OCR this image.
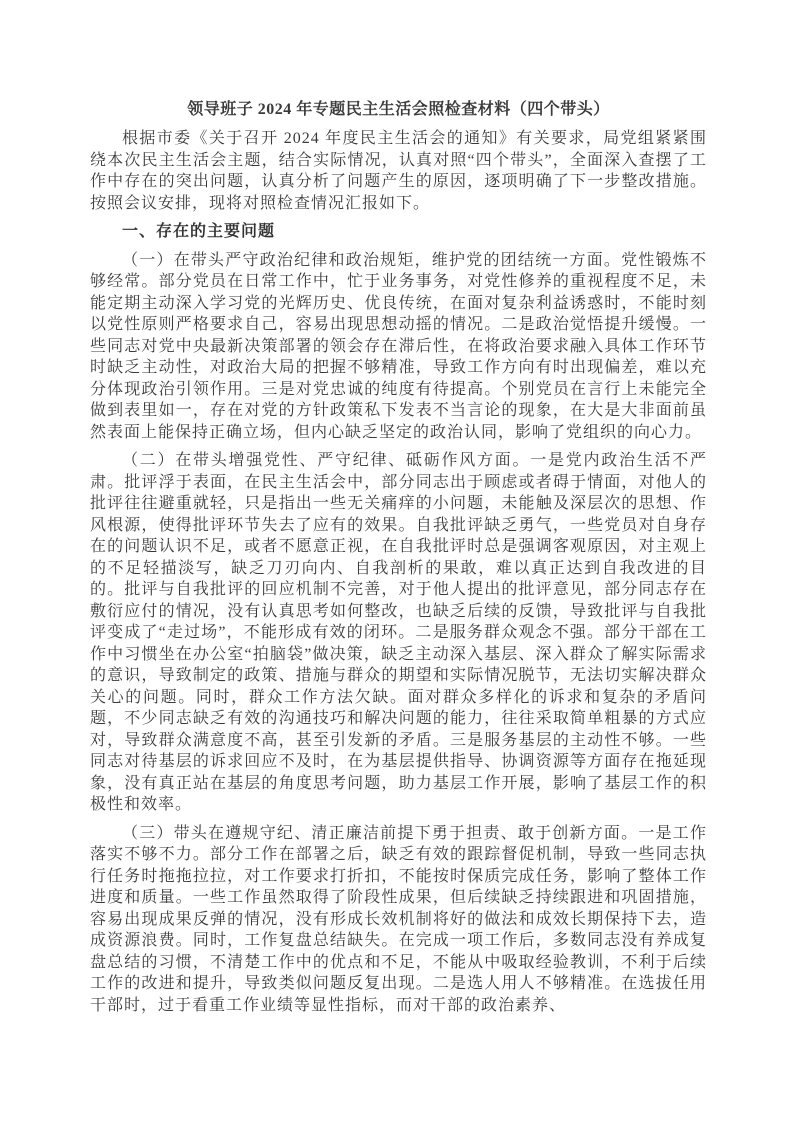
领导班子 2024 年专题民主生活会照检查材料（四个带头）

根据市委《关于召开 2024 年度民主生活会的通知》有关要求，局党组紧紧围绕本次民主生活会主题，结合实际情况，认真对照“四个带头”，全面深入查摆了工作中存在的突出问题，认真分析了问题产生的原因，逐项明确了下一步整改措施。按照会议安排，现将对照检查情况汇报如下。

一、存在的主要问题

（一）在带头严守政治纪律和政治规矩，维护党的团结统一方面。党性锻炼不够经常。部分党员在日常工作中，忙于业务事务，对党性修养的重视程度不足，未能定期主动深入学习党的光辉历史、优良传统，在面对复杂利益诱惑时，不能时刻以党性原则严格要求自己，容易出现思想动摇的情况。二是政治觉悟提升缓慢。一些同志对党中央最新决策部署的领会存在滞后性，在将政治要求融入具体工作环节时缺乏主动性，对政治大局的把握不够精准，导致工作方向有时出现偏差，难以充分体现政治引领作用。三是对党忠诚的纯度有待提高。个别党员在言行上未能完全做到表里如一，存在对党的方针政策私下发表不当言论的现象，在大是大非面前虽然表面上能保持正确立场，但内心缺乏坚定的政治认同，影响了党组织的向心力。

（二）在带头增强党性、严守纪律、砥砺作风方面。一是党内政治生活不严肃。批评浮于表面，在民主生活会中，部分同志出于顾虑或者碍于情面，对他人的批评往往避重就轻，只是指出一些无关痛痒的小问题，未能触及深层次的思想、作风根源，使得批评环节失去了应有的效果。自我批评缺乏勇气，一些党员对自身存在的问题认识不足，或者不愿意正视，在自我批评时总是强调客观原因，对主观上的不足轻描淡写，缺乏刀刃向内、自我剖析的果敢，难以真正达到自我改进的目的。批评与自我批评的回应机制不完善，对于他人提出的批评意见，部分同志存在敷衍应付的情况，没有认真思考如何整改，也缺乏后续的反馈，导致批评与自我批评变成了“走过场”，不能形成有效的闭环。二是服务群众观念不强。部分干部在工作中习惯坐在办公室“拍脑袋”做决策，缺乏主动深入基层、深入群众了解实际需求的意识，导致制定的政策、措施与群众的期望和实际情况脱节，无法切实解决群众关心的问题。同时，群众工作方法欠缺。面对群众多样化的诉求和复杂的矛盾问题，不少同志缺乏有效的沟通技巧和解决问题的能力，往往采取简单粗暴的方式应对，导致群众满意度不高，甚至引发新的矛盾。三是服务基层的主动性不够。一些同志对待基层的诉求回应不及时，在为基层提供指导、协调资源等方面存在拖延现象，没有真正站在基层的角度思考问题，助力基层工作开展，影响了基层工作的积极性和效率。

（三）带头在遵规守纪、清正廉洁前提下勇于担责、敢于创新方面。一是工作落实不够不力。部分工作在部署之后，缺乏有效的跟踪督促机制，导致一些同志执行任务时拖拖拉拉，对工作要求打折扣，不能按时保质完成任务，影响了整体工作进度和质量。一些工作虽然取得了阶段性成果，但后续缺乏持续跟进和巩固措施，容易出现成果反弹的情况，没有形成长效机制将好的做法和成效长期保持下去，造成资源浪费。同时，工作复盘总结缺失。在完成一项工作后，多数同志没有养成复盘总结的习惯，不清楚工作中的优点和不足，不能从中吸取经验教训，不利于后续工作的改进和提升，导致类似问题反复出现。二是选人用人不够精准。在选拔任用干部时，过于看重工作业绩等显性指标，而对干部的政治素养、
